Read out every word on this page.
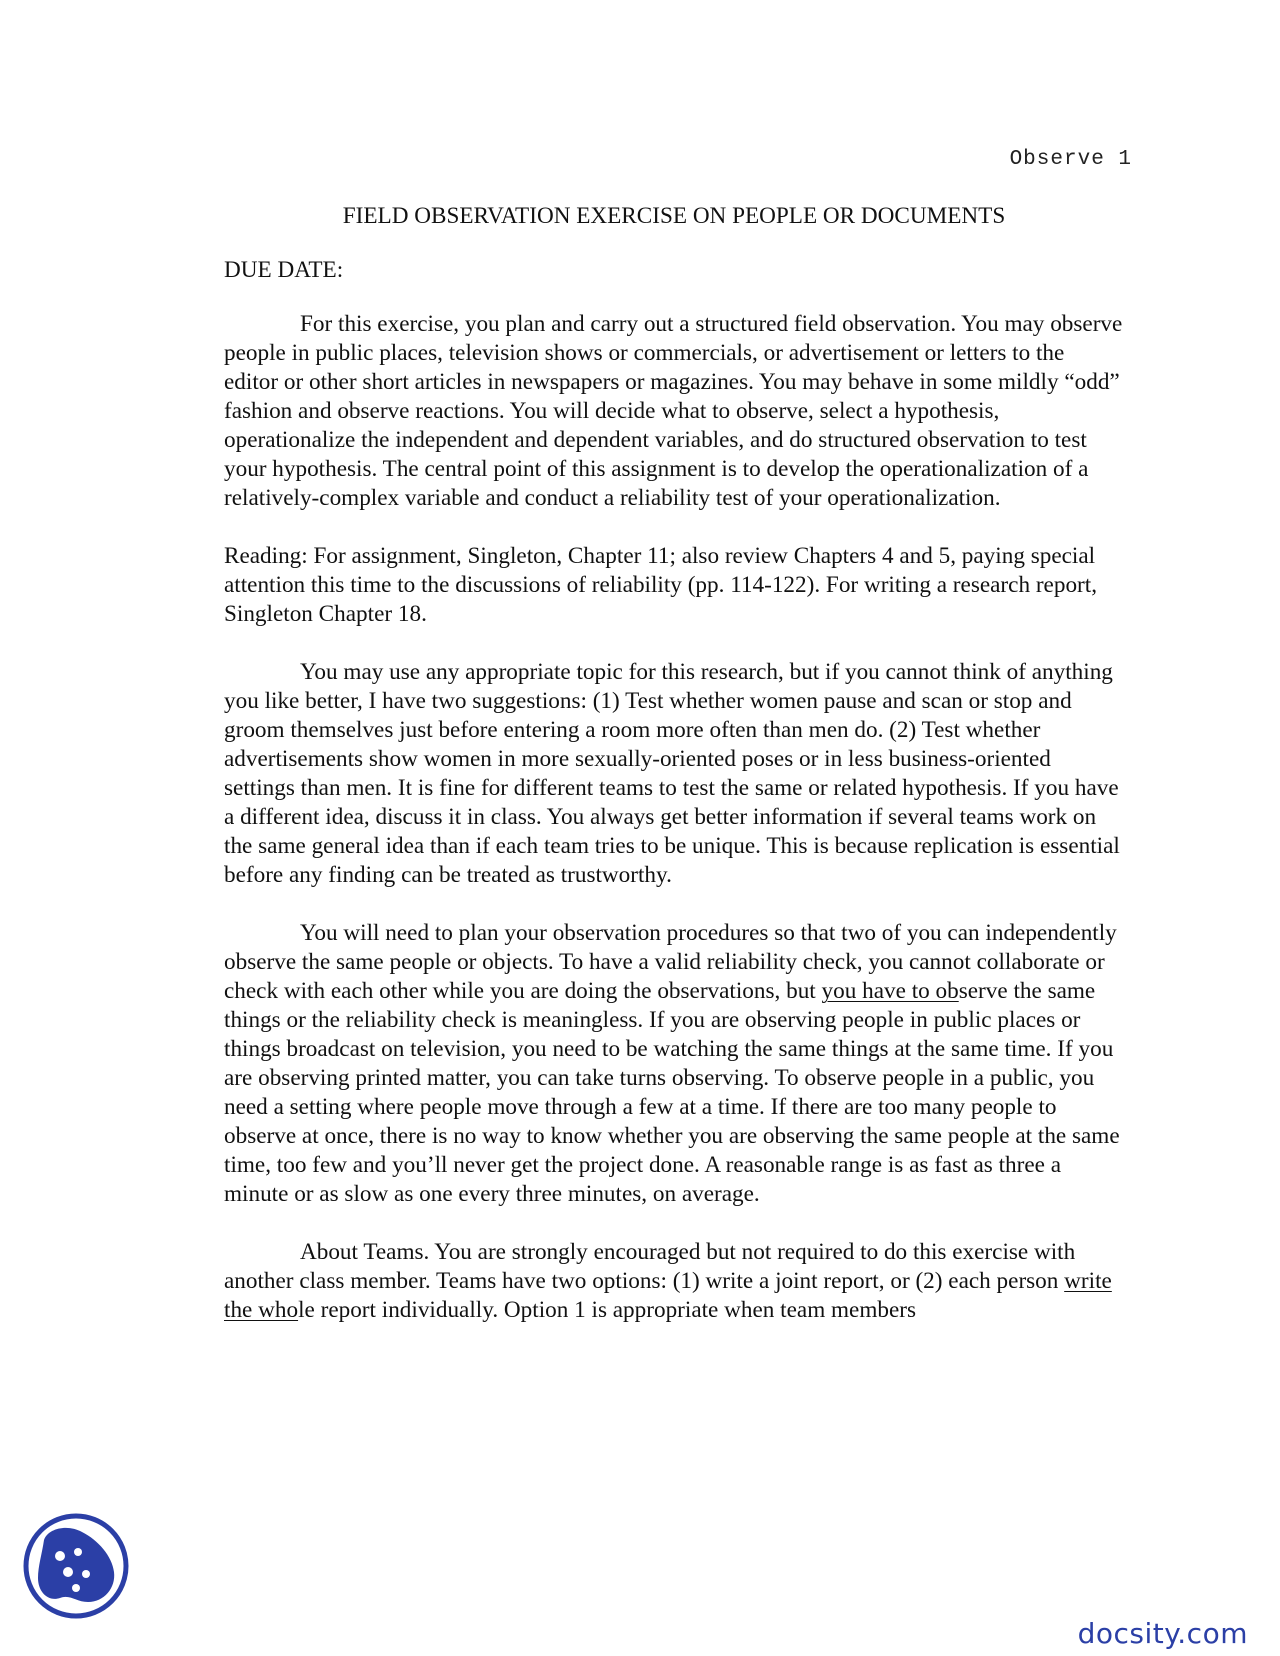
Observe 1
FIELD OBSERVATION EXERCISE ON PEOPLE OR DOCUMENTS
DUE DATE:

For this exercise, you plan and carry out a structured field observation. You may observe people in public places, television shows or commercials, or advertisement or letters to the editor or other short articles in newspapers or magazines. You may behave in some mildly “odd” fashion and observe reactions. You will decide what to observe, select a hypothesis, operationalize the independent and dependent variables, and do structured observation to test your hypothesis. The central point of this assignment is to develop the operationalization of a relatively-complex variable and conduct a reliability test of your operationalization.

Reading: For assignment, Singleton, Chapter 11; also review Chapters 4 and 5, paying special attention this time to the discussions of reliability (pp. 114-122). For writing a research report, Singleton Chapter 18.

You may use any appropriate topic for this research, but if you cannot think of anything you like better, I have two suggestions: (1) Test whether women pause and scan or stop and groom themselves just before entering a room more often than men do. (2) Test whether advertisements show women in more sexually-oriented poses or in less business-oriented settings than men. It is fine for different teams to test the same or related hypothesis. If you have a different idea, discuss it in class. You always get better information if several teams work on the same general idea than if each team tries to be unique. This is because replication is essential before any finding can be treated as trustworthy.

You will need to plan your observation procedures so that two of you can independently observe the same people or objects. To have a valid reliability check, you cannot collaborate or check with each other while you are doing the observations, but you have to observe the same things or the reliability check is meaningless. If you are observing people in public places or things broadcast on television, you need to be watching the same things at the same time. If you are observing printed matter, you can take turns observing. To observe people in a public, you need a setting where people move through a few at a time. If there are too many people to observe at once, there is no way to know whether you are observing the same people at the same time, too few and you’ll never get the project done. A reasonable range is as fast as three a minute or as slow as one every three minutes, on average.

About Teams. You are strongly encouraged but not required to do this exercise with another class member. Teams have two options: (1) write a joint report, or (2) each person write the whole report individually. Option 1 is appropriate when team members

docsity.com
